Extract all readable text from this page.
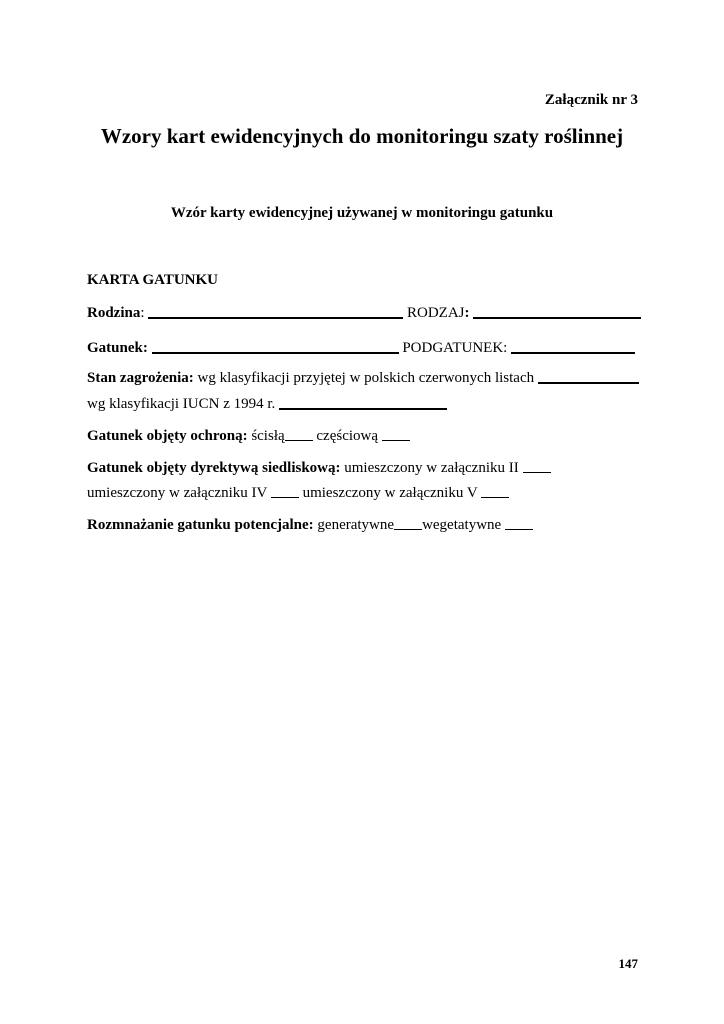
Załącznik nr 3
Wzory kart ewidencyjnych do monitoringu szaty roślinnej
Wzór karty ewidencyjnej używanej w monitoringu gatunku
KARTA GATUNKU
Rodzina:	RODZAJ:
Gatunek:	PODGATUNEK:
Stan zagrożenia: wg klasyfikacji przyjętej w polskich czerwonych listach
wg klasyfikacji IUCN z 1994 r.
Gatunek objęty ochroną: ścisłą częściową
Gatunek objęty dyrektywą siedliskową: umieszczony w załączniku II
umieszczony w załączniku IV  umieszczony w załączniku V
Rozmnażanie gatunku potencjalne: generatywne wegetatywne
147
